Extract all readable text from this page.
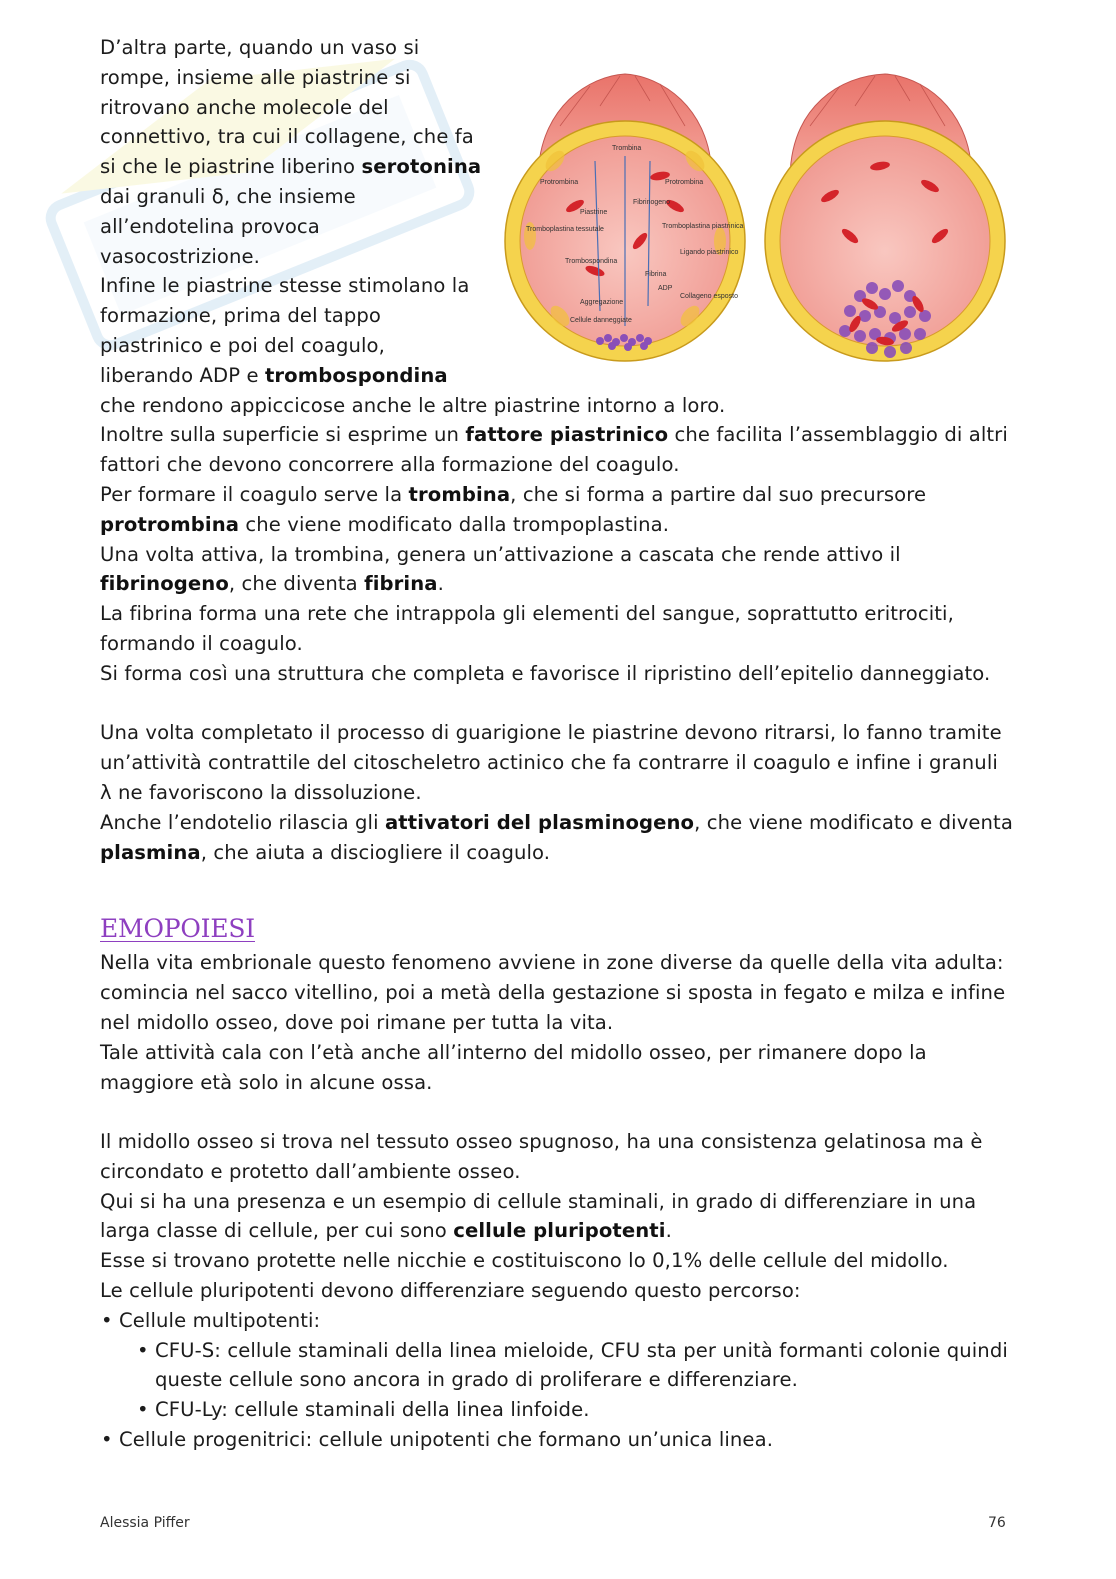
Trombina
Protrombina	Protrombina
Piastrine
Fibrinogeno
Tromboplastina tessutale	Tromboplastina piastrinica
Trombospondina
Ligando piastrinico
Fibrina
ADP
Aggregazione
Cellule danneggiate
Collageno esposto

D’altra parte, quando un vaso si

rompe, insieme alle piastrine si

ritrovano anche molecole del

connettivo, tra cui il collagene, che fa

si che le piastrine liberino serotonina

dai granuli δ, che insieme

all’endotelina provoca

vasocostrizione.

Infine le piastrine stesse stimolano la

formazione, prima del tappo

piastrinico e poi del coagulo,

liberando ADP e trombospondina

che rendono appiccicose anche le altre piastrine intorno a loro.

Inoltre sulla superficie si esprime un fattore piastrinico che facilita l’assemblaggio di altri fattori che devono concorrere alla formazione del coagulo.

Per formare il coagulo serve la trombina, che si forma a partire dal suo precursore protrombina che viene modificato dalla trompoplastina.

Una volta attiva, la trombina, genera un’attivazione a cascata che rende attivo il fibrinogeno, che diventa fibrina.

La fibrina forma una rete che intrappola gli elementi del sangue, soprattutto eritrociti, formando il coagulo.

Si forma così una struttura che completa e favorisce il ripristino dell’epitelio danneggiato.

Una volta completato il processo di guarigione le piastrine devono ritrarsi, lo fanno tramite un’attività contrattile del citoscheletro actinico che fa contrarre il coagulo e infine i granuli λ ne favoriscono la dissoluzione.

Anche l’endotelio rilascia gli attivatori del plasminogeno, che viene modificato e diventa plasmina, che aiuta a disciogliere il coagulo.

EMOPOIESI

Nella vita embrionale questo fenomeno avviene in zone diverse da quelle della vita adulta: comincia nel sacco vitellino, poi a metà della gestazione si sposta in fegato e milza e infine nel midollo osseo, dove poi rimane per tutta la vita.

Tale attività cala con l’età anche all’interno del midollo osseo, per rimanere dopo la maggiore età solo in alcune ossa.

Il midollo osseo si trova nel tessuto osseo spugnoso, ha una consistenza gelatinosa ma è circondato e protetto dall’ambiente osseo.

Qui si ha una presenza e un esempio di cellule staminali, in grado di differenziare in una larga classe di cellule, per cui sono cellule pluripotenti.

Esse si trovano protette nelle nicchie e costituiscono lo 0,1% delle cellule del midollo.

Le cellule pluripotenti devono differenziare seguendo questo percorso:

• Cellule multipotenti:
• CFU-S: cellule staminali della linea mieloide, CFU sta per unità formanti colonie quindi queste cellule sono ancora in grado di proliferare e differenziare.
• CFU-Ly: cellule staminali della linea linfoide.
• Cellule progenitrici: cellule unipotenti che formano un’unica linea.
Alessia Piffer	76
